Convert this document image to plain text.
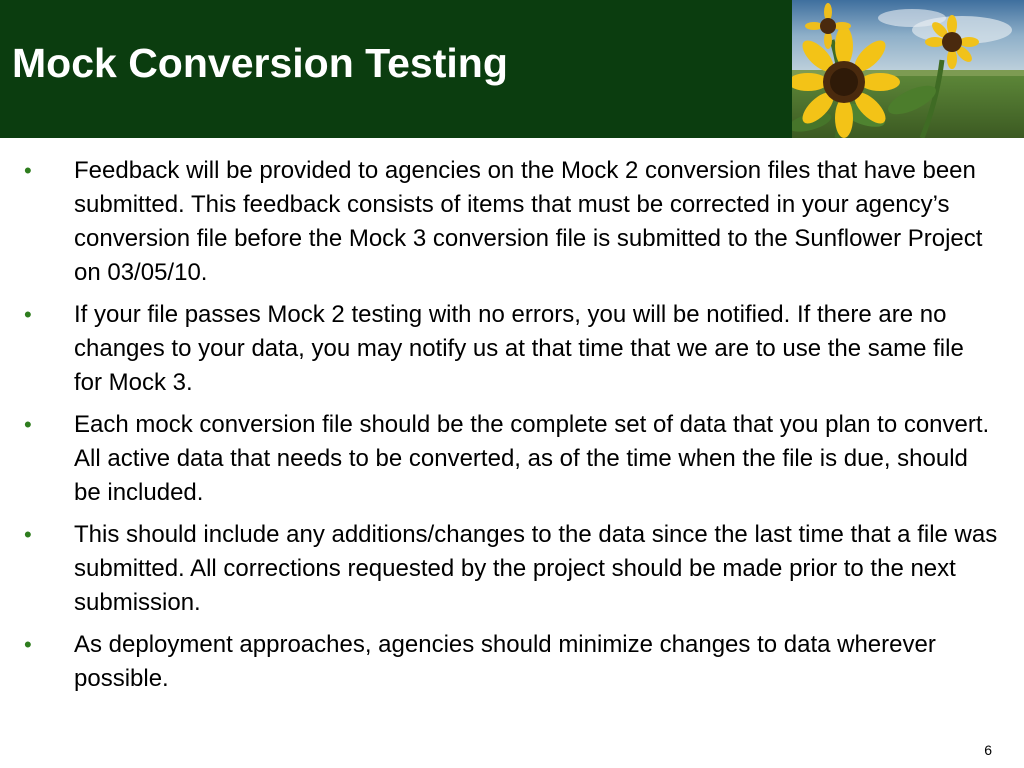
Mock Conversion Testing
• Feedback will be provided to agencies on the Mock 2 conversion files that have been submitted. This feedback consists of items that must be corrected in your agency’s conversion file before the Mock 3 conversion file is submitted to the Sunflower Project on 03/05/10.
• If your file passes Mock 2 testing with no errors, you will be notified. If there are no changes to your data, you may notify us at that time that we are to use the same file for Mock 3.
• Each mock conversion file should be the complete set of data that you plan to convert. All active data that needs to be converted, as of the time when the file is due, should be included.
• This should include any additions/changes to the data since the last time that a file was submitted. All corrections requested by the project should be made prior to the next submission.
• As deployment approaches, agencies should minimize changes to data wherever possible.
6
